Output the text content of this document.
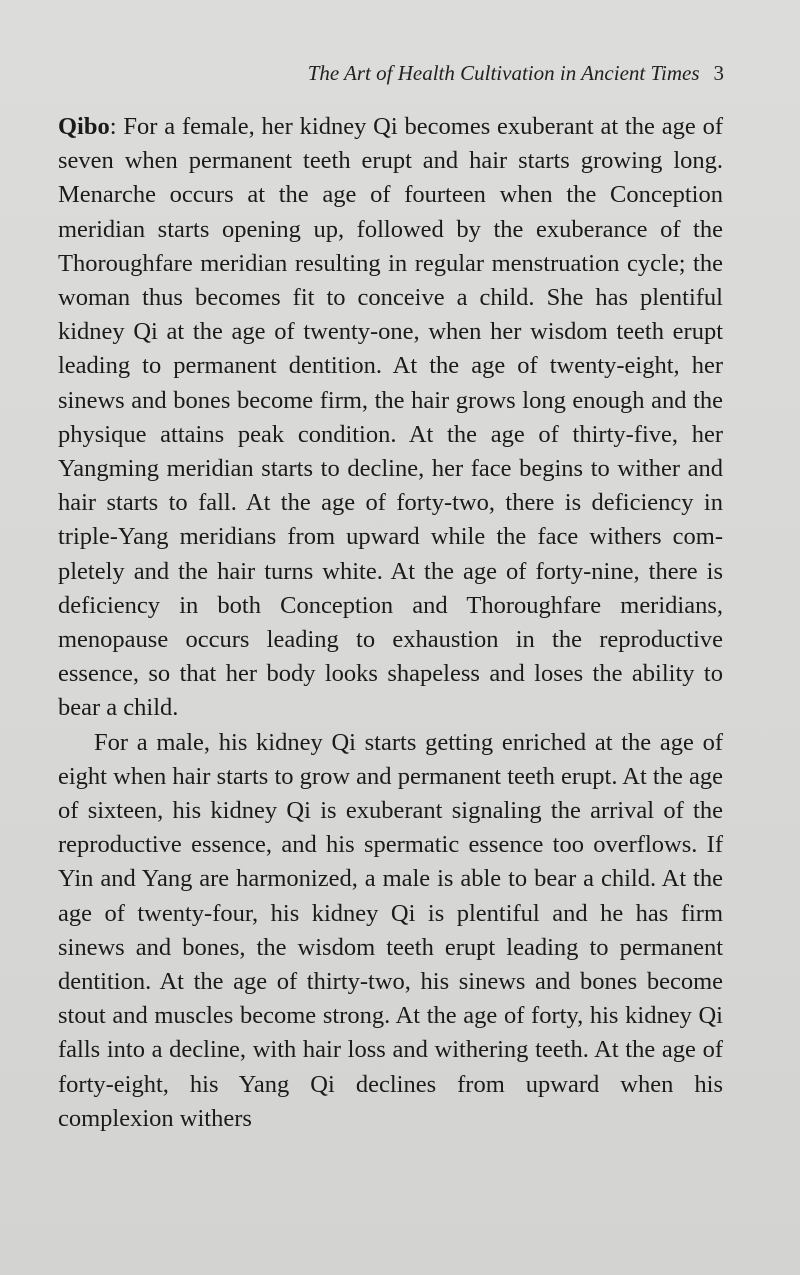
The Art of Health Cultivation in Ancient Times 3

Qibo: For a female, her kidney Qi becomes exuberant at the age of seven when permanent teeth erupt and hair starts growing long. Menarche occurs at the age of fourteen when the Conception meridian starts opening up, followed by the exuberance of the Thoroughfare meridian resulting in regular menstruation cycle; the woman thus becomes fit to conceive a child. She has plentiful kidney Qi at the age of twenty-one, when her wisdom teeth erupt leading to permanent dentition. At the age of twenty-eight, her sinews and bones become firm, the hair grows long enough and the physique attains peak condition. At the age of thirty-five, her Yangming meridian starts to decline, her face begins to wither and hair starts to fall. At the age of forty-two, there is deficiency in triple-Yang meridians from upward while the face withers completely and the hair turns white. At the age of forty-nine, there is deficiency in both Conception and Thoroughfare meridians, menopause occurs leading to exhaustion in the reproductive essence, so that her body looks shapeless and loses the ability to bear a child.

For a male, his kidney Qi starts getting enriched at the age of eight when hair starts to grow and permanent teeth erupt. At the age of sixteen, his kidney Qi is exuberant signaling the arrival of the reproductive essence, and his spermatic essence too overflows. If Yin and Yang are harmonized, a male is able to bear a child. At the age of twenty-four, his kidney Qi is plentiful and he has firm sinews and bones, the wisdom teeth erupt leading to permanent dentition. At the age of thirty-two, his sinews and bones become stout and muscles become strong. At the age of forty, his kidney Qi falls into a decline, with hair loss and withering teeth. At the age of forty-eight, his Yang Qi declines from upward when his complexion withers
